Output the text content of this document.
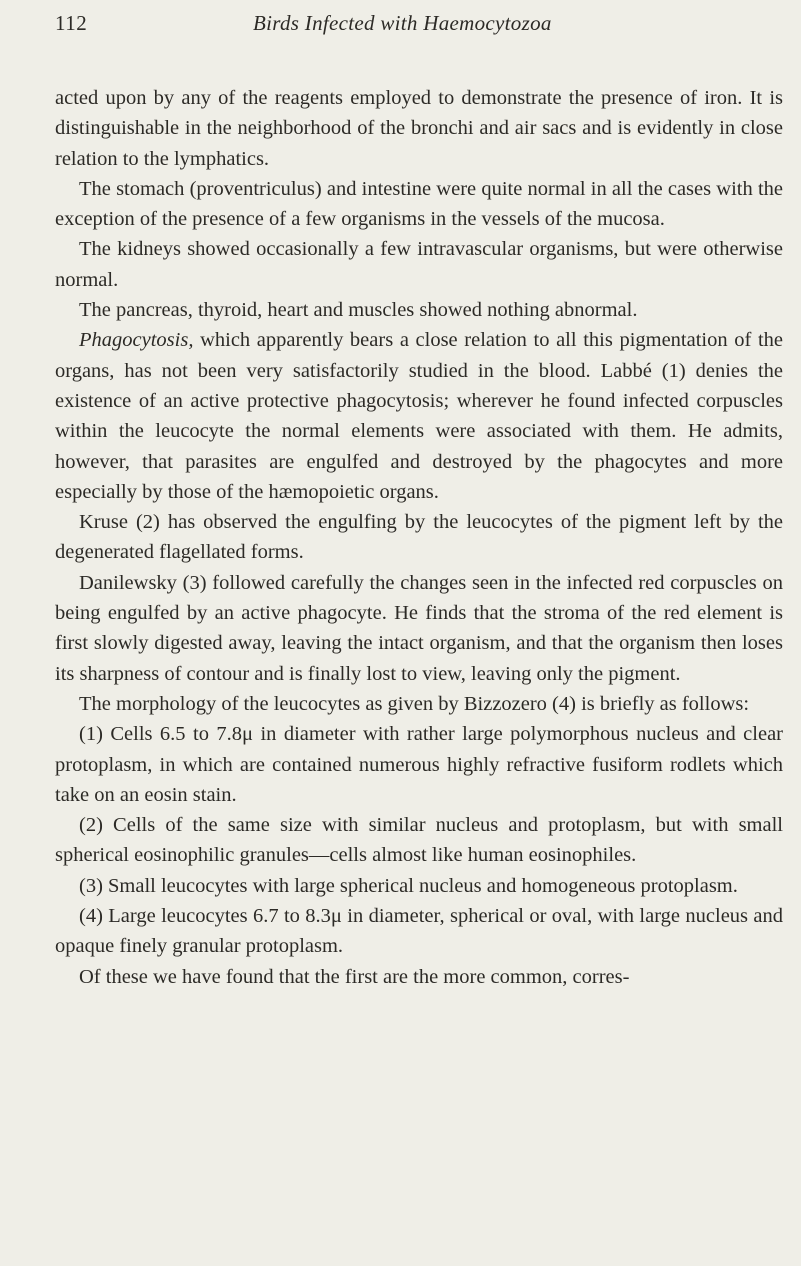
112	Birds Infected with Haemocytozoa

acted upon by any of the reagents employed to demonstrate the presence of iron. It is distinguishable in the neighborhood of the bronchi and air sacs and is evidently in close relation to the lymphatics.

The stomach (proventriculus) and intestine were quite normal in all the cases with the exception of the presence of a few organisms in the vessels of the mucosa.

The kidneys showed occasionally a few intravascular organisms, but were otherwise normal.

The pancreas, thyroid, heart and muscles showed nothing abnormal.

Phagocytosis, which apparently bears a close relation to all this pigmentation of the organs, has not been very satisfactorily studied in the blood. Labbé (1) denies the existence of an active protective phagocytosis; wherever he found infected corpuscles within the leucocyte the normal elements were associated with them. He admits, however, that parasites are engulfed and destroyed by the phagocytes and more especially by those of the hæmopoietic organs.

Kruse (2) has observed the engulfing by the leucocytes of the pigment left by the degenerated flagellated forms.

Danilewsky (3) followed carefully the changes seen in the infected red corpuscles on being engulfed by an active phagocyte. He finds that the stroma of the red element is first slowly digested away, leaving the intact organism, and that the organism then loses its sharpness of contour and is finally lost to view, leaving only the pigment.

The morphology of the leucocytes as given by Bizzozero (4) is briefly as follows:

(1) Cells 6.5 to 7.8μ in diameter with rather large polymorphous nucleus and clear protoplasm, in which are contained numerous highly refractive fusiform rodlets which take on an eosin stain.

(2) Cells of the same size with similar nucleus and protoplasm, but with small spherical eosinophilic granules—cells almost like human eosinophiles.

(3) Small leucocytes with large spherical nucleus and homogeneous protoplasm.

(4) Large leucocytes 6.7 to 8.3μ in diameter, spherical or oval, with large nucleus and opaque finely granular protoplasm.

Of these we have found that the first are the more common, corres-
